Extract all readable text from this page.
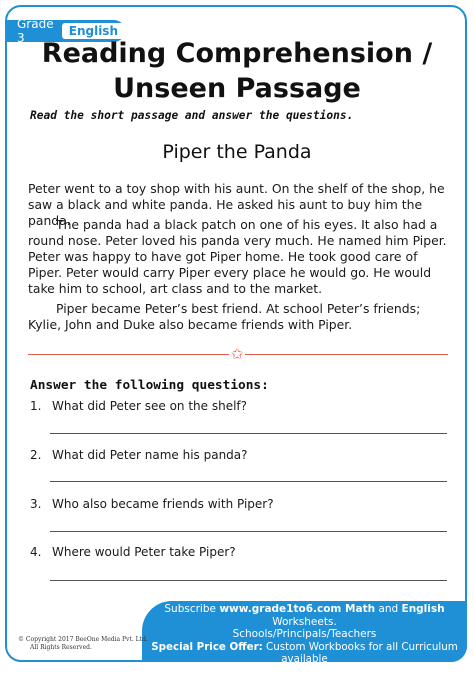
Grade 3	English
Reading Comprehension /
Unseen Passage
Read the short passage and answer the questions.
Piper the Panda
Peter went to a toy shop with his aunt. On the shelf of the shop, he saw a black and white panda. He asked his aunt to buy him the panda.
The panda had a black patch on one of his eyes. It also had a round nose. Peter loved his panda very much. He named him Piper. Peter was happy to have got Piper home. He took good care of Piper. Peter would carry Piper every place he would go. He would take him to school, art class and to the market.
Piper became Peter’s best friend. At school Peter’s friends; Kylie, John and Duke also became friends with Piper.
✩
Answer the following questions:
1. What did Peter see on the shelf?
2. What did Peter name his panda?
3. Who also became friends with Piper?
4. Where would Peter take Piper?
Subscribe www.grade1to6.com Math and English Worksheets.
Schools/Principals/Teachers
Special Price Offer: Custom Workbooks for all Curriculum available
with School name, logo etc.
Email us: info@grade1to6.com
© Copyright 2017 BeeOne Media Pvt. Ltd.
All Rights Reserved.
